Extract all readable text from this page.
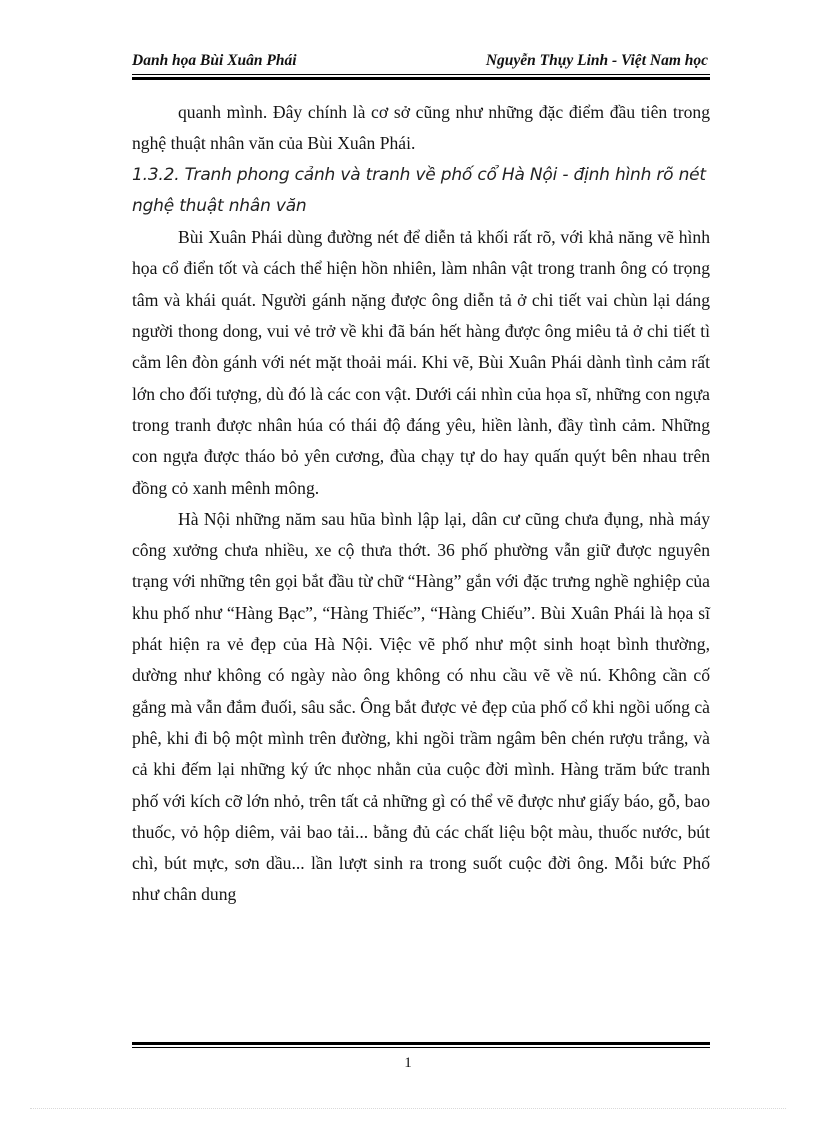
Danh họa Bùi Xuân Phái	Nguyễn Thụy Linh - Việt Nam học

quanh mình. Đây chính là cơ sở cũng như những đặc điểm đầu tiên trong nghệ thuật nhân văn của Bùi Xuân Phái.

1.3.2. Tranh phong cảnh và tranh về phố cổ Hà Nội - định hình rõ nét nghệ thuật nhân văn

Bùi Xuân Phái dùng đường nét để diễn tả khối rất rõ, với khả năng vẽ hình họa cổ điển tốt và cách thể hiện hồn nhiên, làm nhân vật trong tranh ông có trọng tâm và khái quát. Người gánh nặng được ông diễn tả ở chi tiết vai chùn lại dáng người thong dong, vui vẻ trở về khi đã bán hết hàng được ông miêu tả ở chi tiết tì cằm lên đòn gánh với nét mặt thoải mái. Khi vẽ, Bùi Xuân Phái dành tình cảm rất lớn cho đối tượng, dù đó là các con vật. Dưới cái nhìn của họa sĩ, những con ngựa trong tranh được nhân húa có thái độ đáng yêu, hiền lành, đầy tình cảm. Những con ngựa được tháo bỏ yên cương, đùa chạy tự do hay quấn quýt bên nhau trên đồng cỏ xanh mênh mông.

Hà Nội những năm sau hũa bình lập lại, dân cư cũng chưa đụng, nhà máy công xưởng chưa nhiều, xe cộ thưa thớt. 36 phố phường vẫn giữ được nguyên trạng với những tên gọi bắt đầu từ chữ “Hàng” gắn với đặc trưng nghề nghiệp của khu phố như “Hàng Bạc”, “Hàng Thiếc”, “Hàng Chiếu”. Bùi Xuân Phái là họa sĩ phát hiện ra vẻ đẹp của Hà Nội. Việc vẽ phố như một sinh hoạt bình thường, dường như không có ngày nào ông không có nhu cầu vẽ về nú. Không cần cố gắng mà vẫn đắm đuối, sâu sắc. Ông bắt được vẻ đẹp của phố cổ khi ngồi uống cà phê, khi đi bộ một mình trên đường, khi ngồi trầm ngâm bên chén rượu trắng, và cả khi đếm lại những ký ức nhọc nhằn của cuộc đời mình. Hàng trăm bức tranh phố với kích cỡ lớn nhỏ, trên tất cả những gì có thể vẽ được như giấy báo, gỗ, bao thuốc, vỏ hộp diêm, vải bao tải... bằng đủ các chất liệu bột màu, thuốc nước, bút chì, bút mực, sơn dầu... lần lượt sinh ra trong suốt cuộc đời ông. Mỗi bức Phố như chân dung

1
